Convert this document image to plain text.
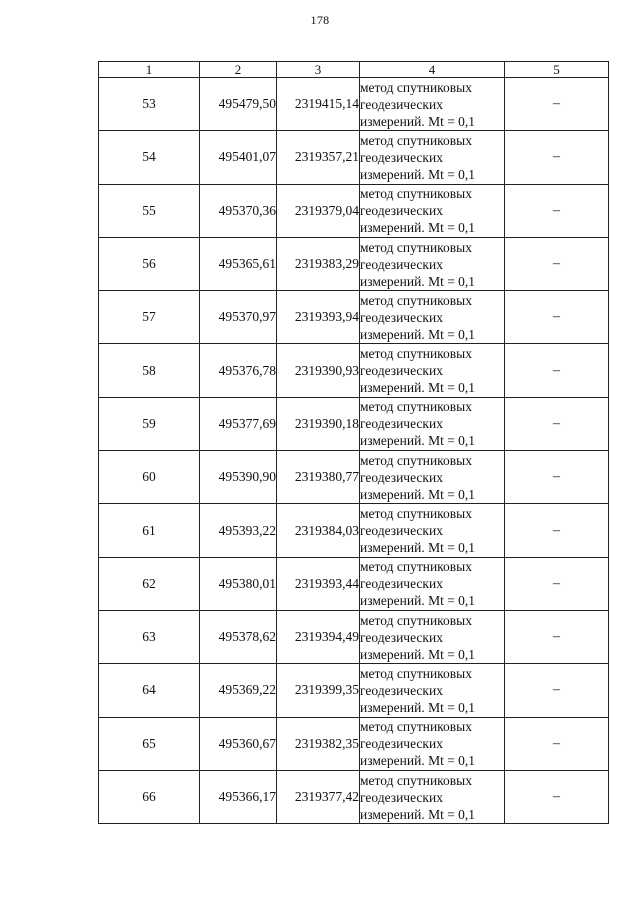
178
1	2	3	4	5
53	495479,50	2319415,14	метод спутниковых
геодезических
измерений. Mt = 0,1	–
54	495401,07	2319357,21	метод спутниковых
геодезических
измерений. Mt = 0,1	–
55	495370,36	2319379,04	метод спутниковых
геодезических
измерений. Mt = 0,1	–
56	495365,61	2319383,29	метод спутниковых
геодезических
измерений. Mt = 0,1	–
57	495370,97	2319393,94	метод спутниковых
геодезических
измерений. Mt = 0,1	–
58	495376,78	2319390,93	метод спутниковых
геодезических
измерений. Mt = 0,1	–
59	495377,69	2319390,18	метод спутниковых
геодезических
измерений. Mt = 0,1	–
60	495390,90	2319380,77	метод спутниковых
геодезических
измерений. Mt = 0,1	–
61	495393,22	2319384,03	метод спутниковых
геодезических
измерений. Mt = 0,1	–
62	495380,01	2319393,44	метод спутниковых
геодезических
измерений. Mt = 0,1	–
63	495378,62	2319394,49	метод спутниковых
геодезических
измерений. Mt = 0,1	–
64	495369,22	2319399,35	метод спутниковых
геодезических
измерений. Mt = 0,1	–
65	495360,67	2319382,35	метод спутниковых
геодезических
измерений. Mt = 0,1	–
66	495366,17	2319377,42	метод спутниковых
геодезических
измерений. Mt = 0,1	–
